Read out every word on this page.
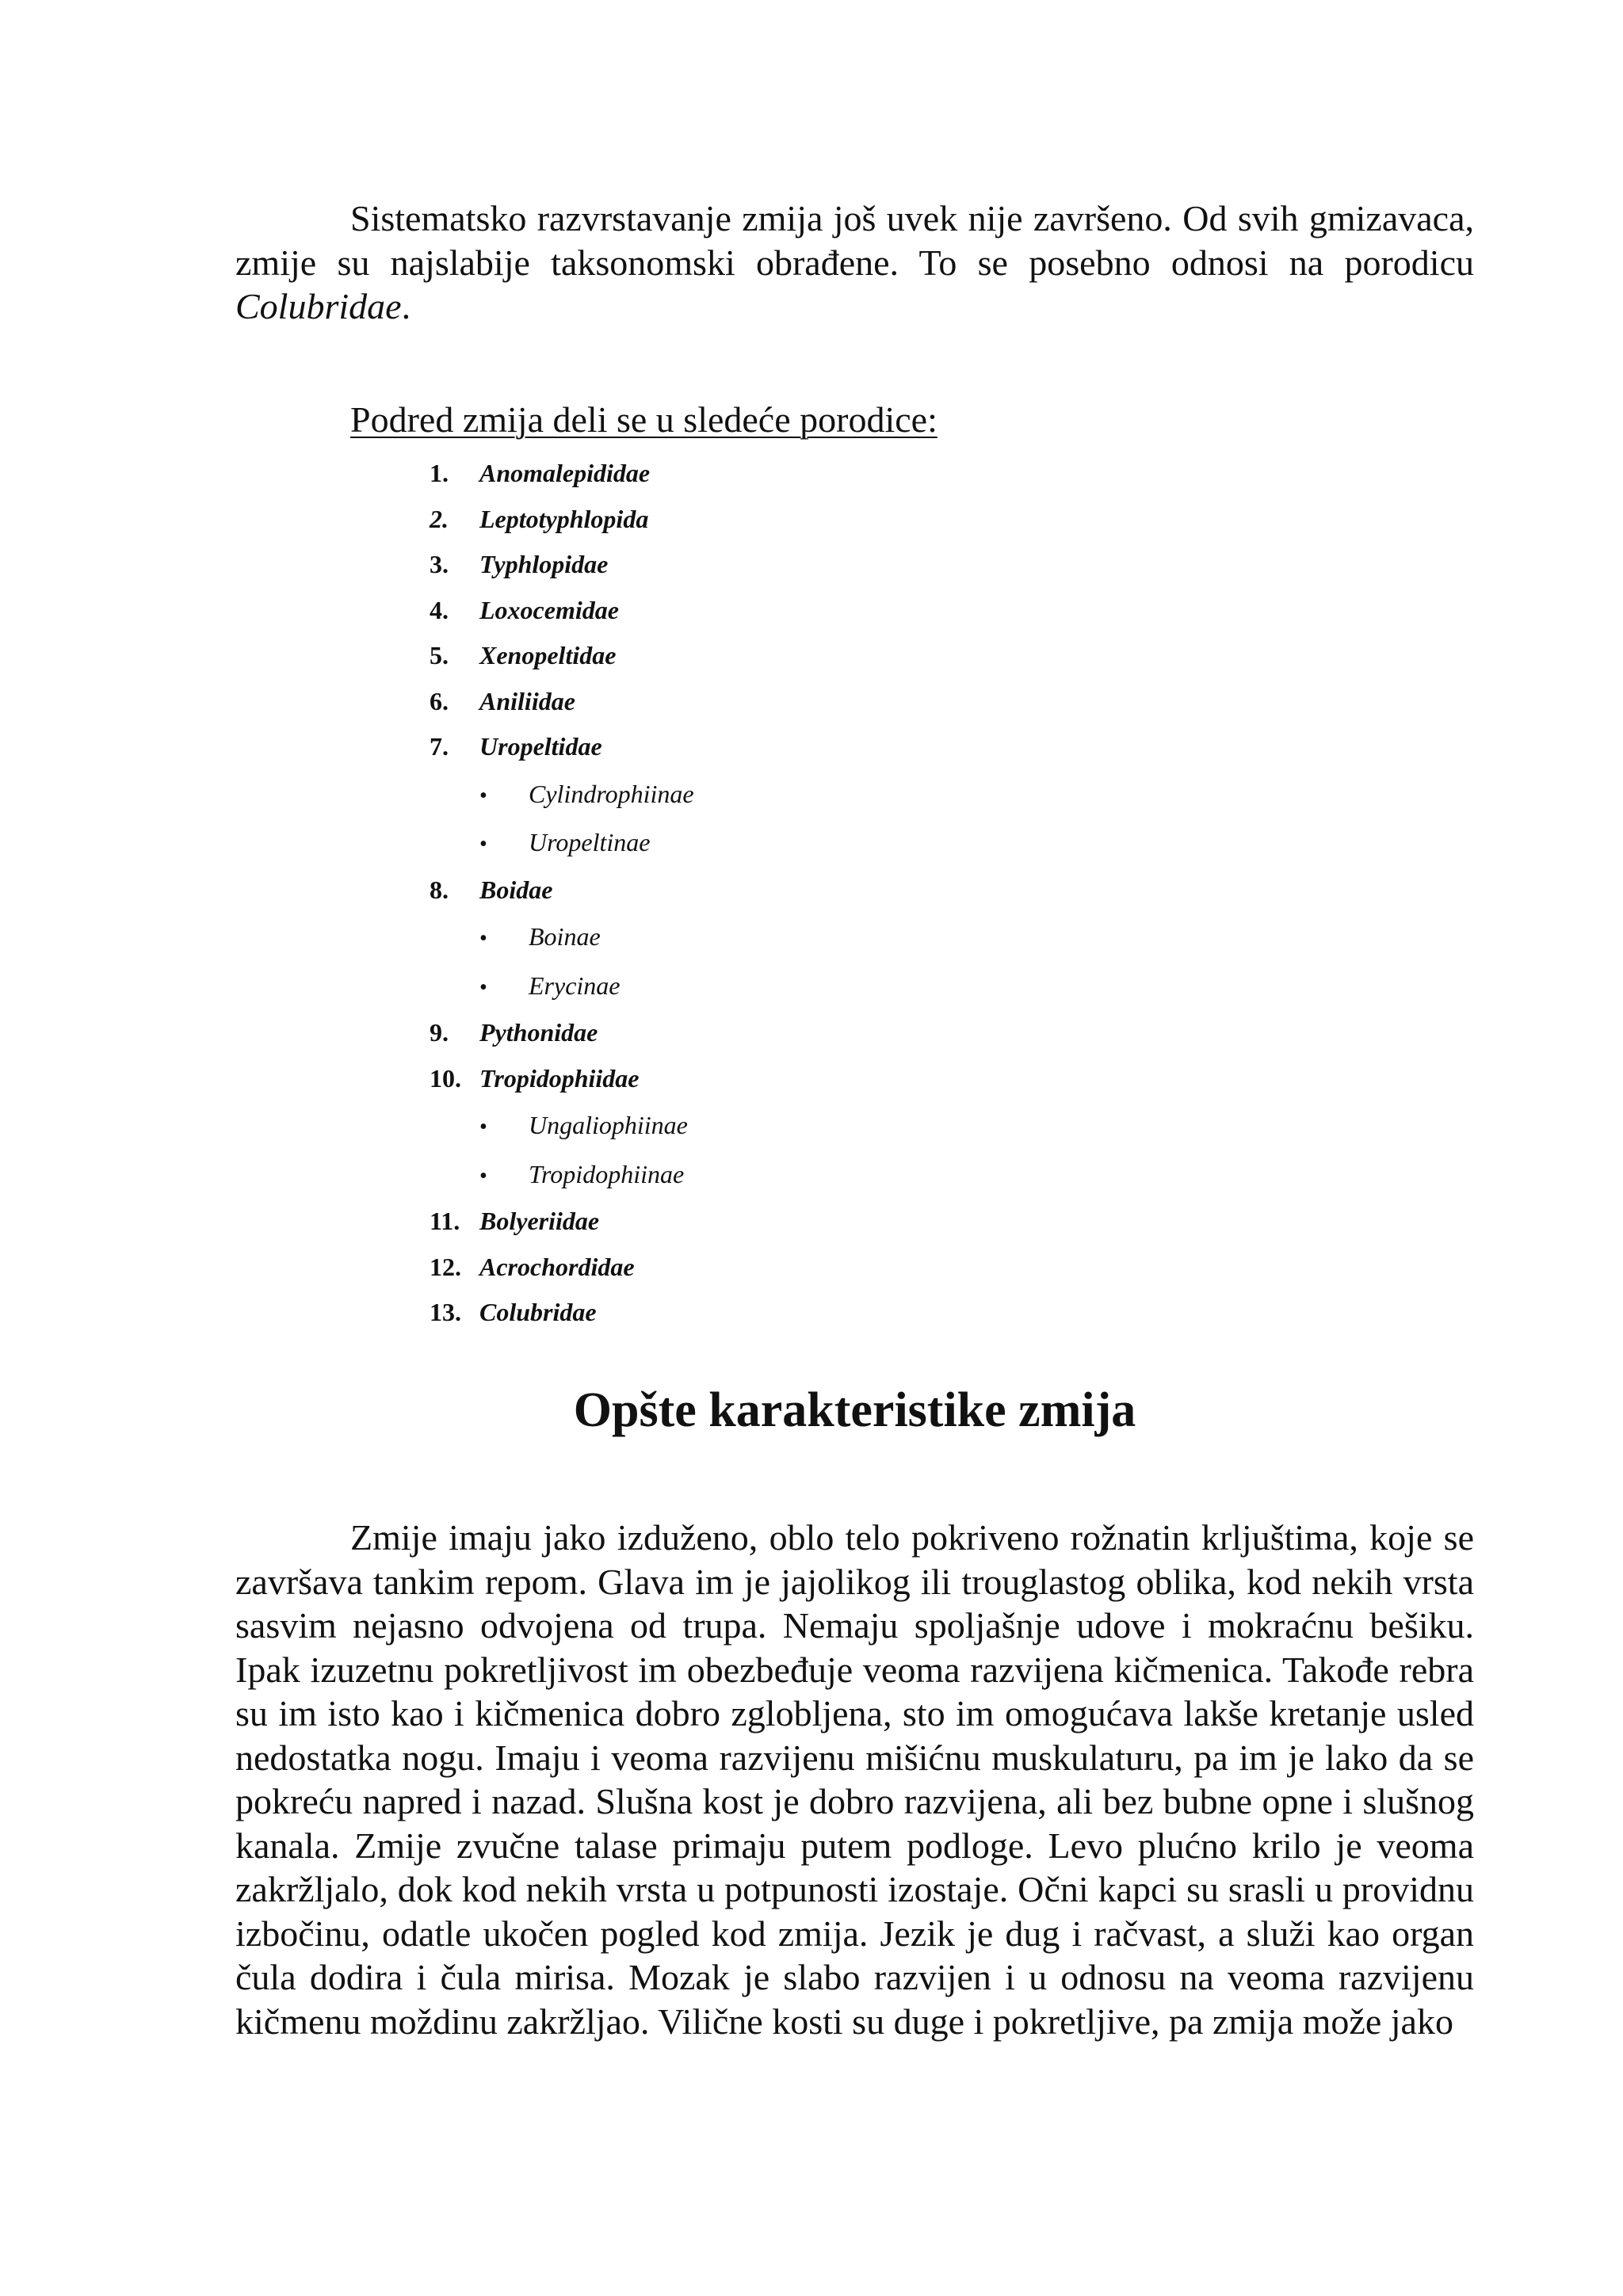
Sistematsko razvrstavanje zmija još uvek nije završeno. Od svih gmizavaca, zmije su najslabije taksonomski obrađene. To se posebno odnosi na porodicu Colubridae.

Podred zmija deli se u sledeće porodice:
1.	Anomalepididae
2.	Leptotyphlopida
3.	Typhlopidae
4.	Loxocemidae
5.	Xenopeltidae
6.	Aniliidae
7.	Uropeltidae
•	Cylindrophiinae
•	Uropeltinae
8.	Boidae
•	Boinae
•	Erycinae
9.	Pythonidae
10. Tropidophiidae
•	Ungaliophiinae
•	Tropidophiinae
11. Bolyeriidae
12. Acrochordidae
13. Colubridae
Opšte karakteristike zmija

Zmije imaju jako izduženo, oblo telo pokriveno rožnatin krljuštima, koje se završava tankim repom. Glava im je jajolikog ili trouglastog oblika, kod nekih vrsta sasvim nejasno odvojena od trupa. Nemaju spoljašnje udove i mokraćnu bešiku. Ipak izuzetnu pokretljivost im obezbeđuje veoma razvijena kičmenica. Takođe rebra su im isto kao i kičmenica dobro zglobljena, sto im omogućava lakše kretanje usled nedostatka nogu. Imaju i veoma razvijenu mišićnu muskulaturu, pa im je lako da se pokreću napred i nazad. Slušna kost je dobro razvijena, ali bez bubne opne i slušnog kanala. Zmije zvučne talase primaju putem podloge. Levo plućno krilo je veoma zakržljalo, dok kod nekih vrsta u potpunosti izostaje. Očni kapci su srasli u providnu izbočinu, odatle ukočen pogled kod zmija. Jezik je dug i račvast, a služi kao organ čula dodira i čula mirisa. Mozak je slabo razvijen i u odnosu na veoma razvijenu kičmenu moždinu zakržljao. Vilične kosti su duge i pokretljive, pa zmija može jako
